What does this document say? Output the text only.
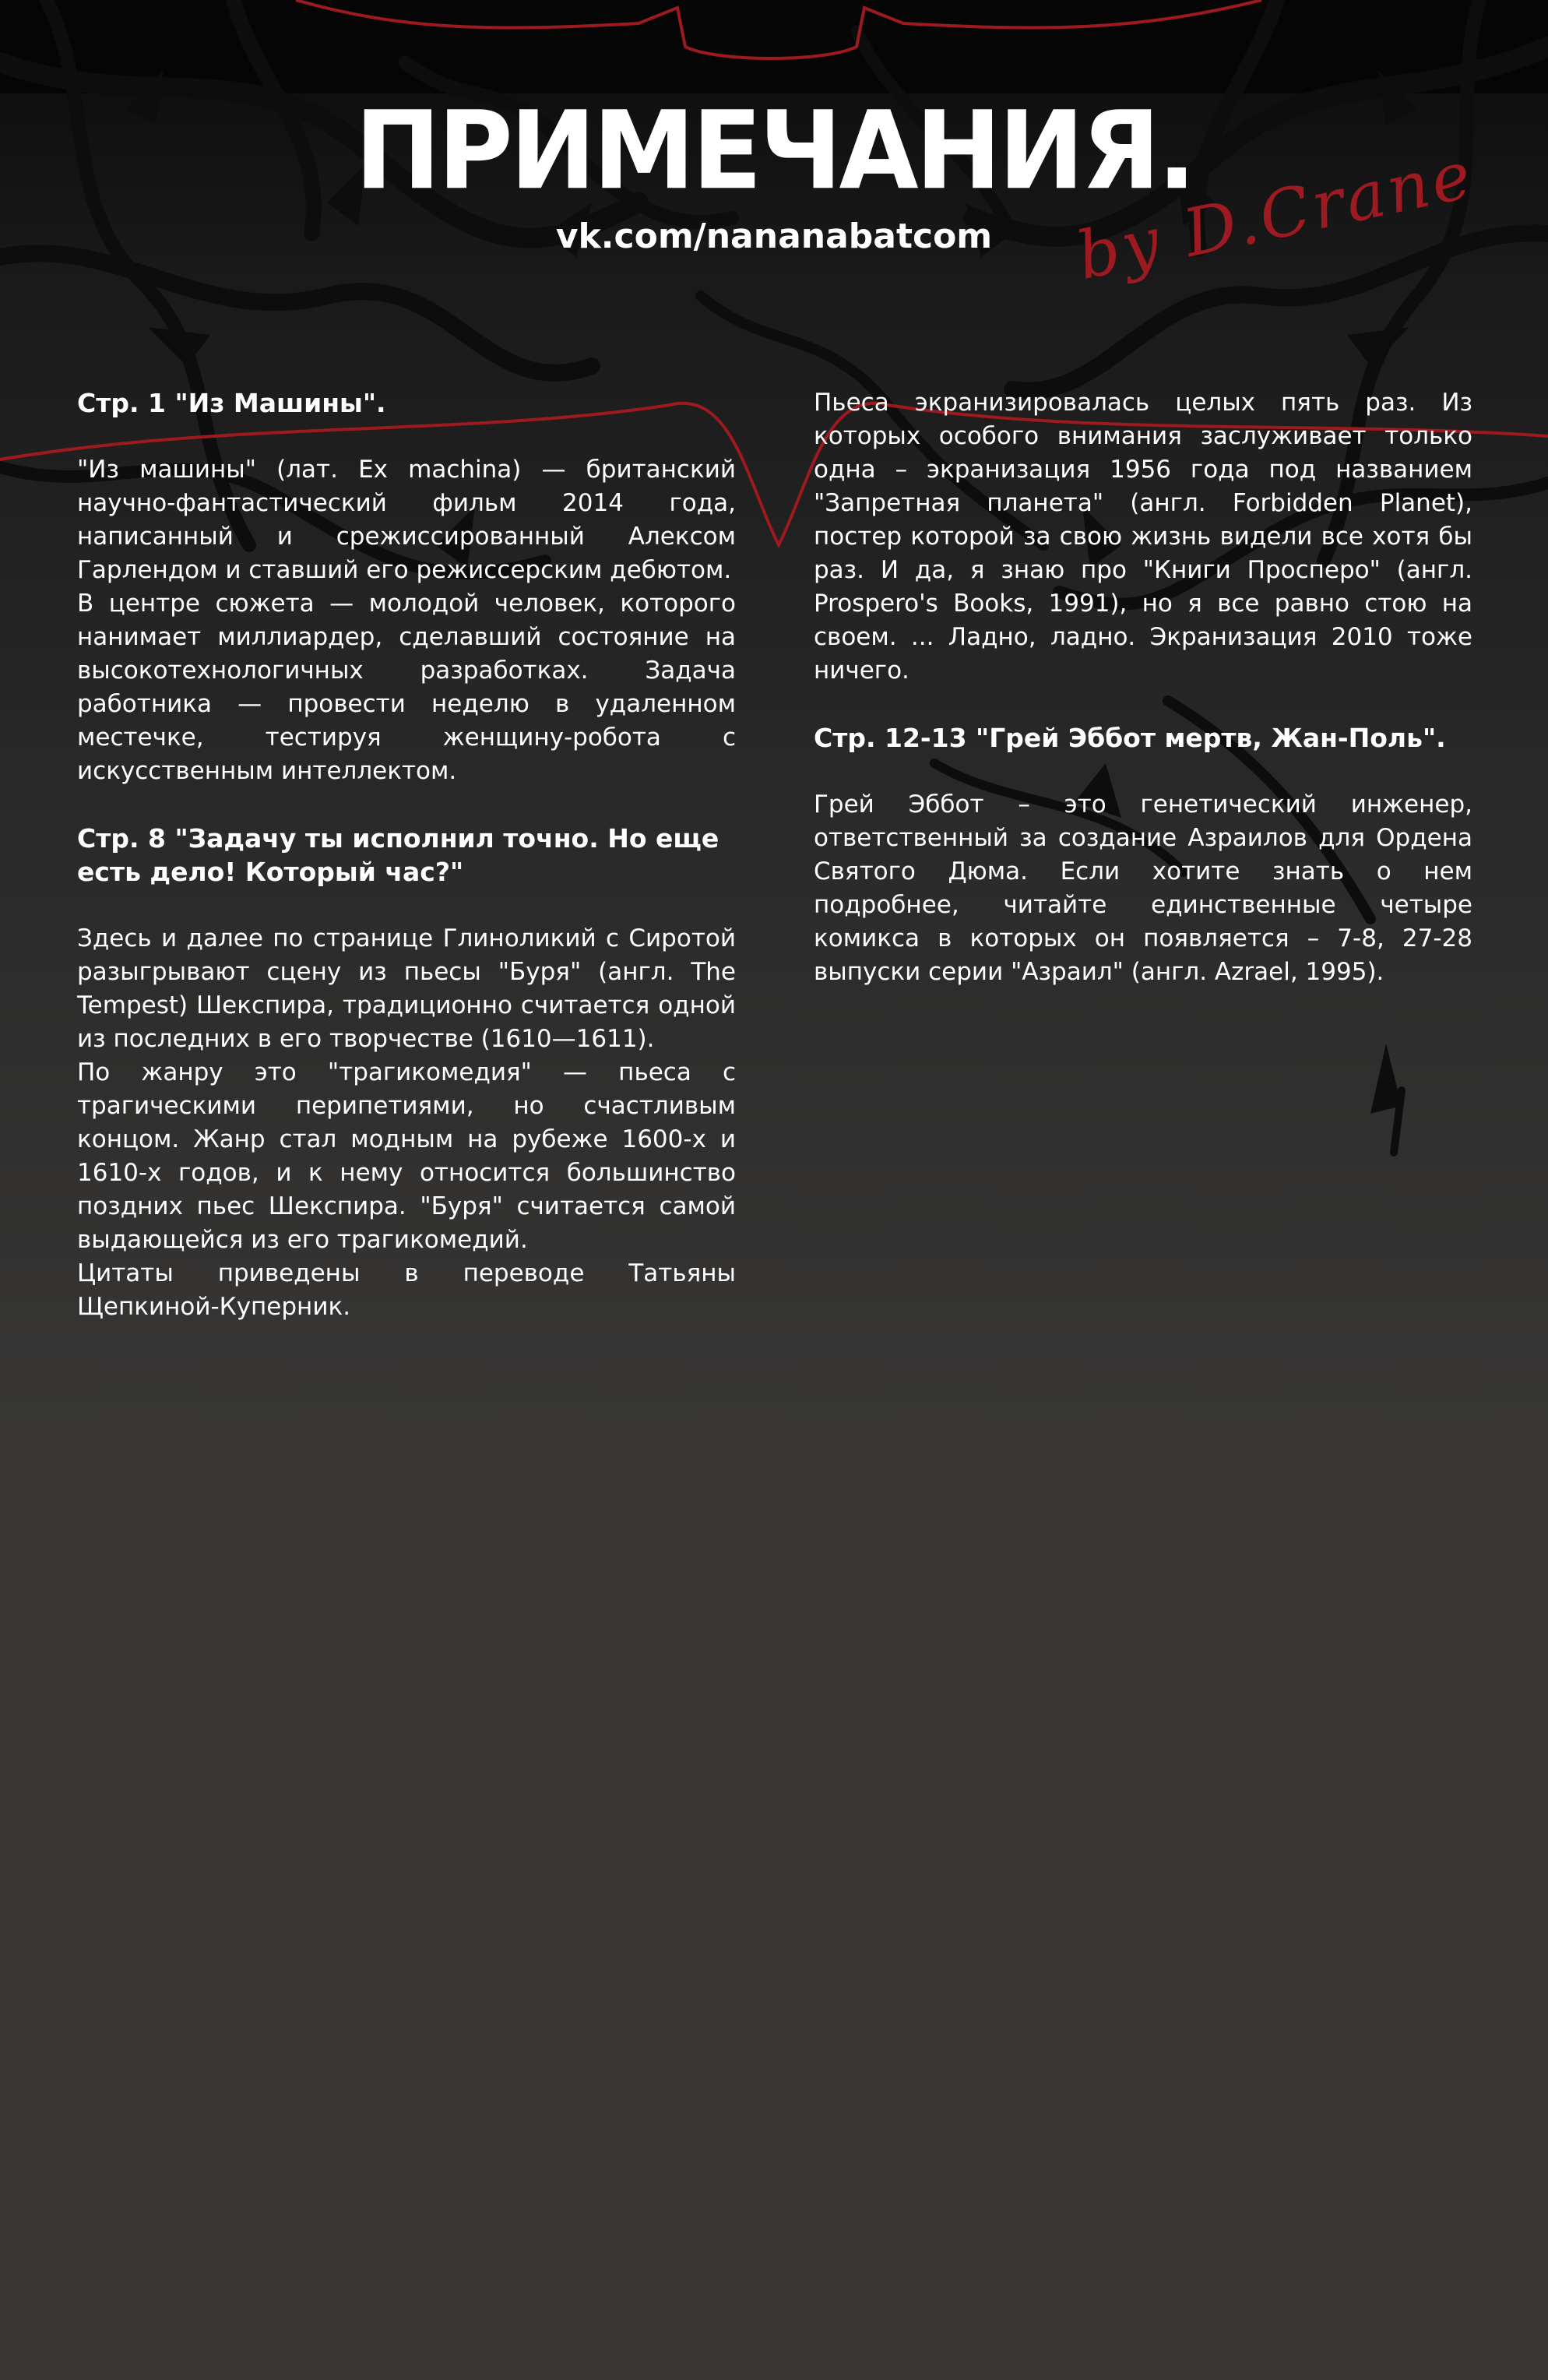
ПРИМЕЧАНИЯ.
vk.com/nananabatcom	by D.Crane
Стр. 1 "Из Машины".

"Из машины" (лат. Ex machina) — британский научно-фантастический фильм 2014 года, написанный и срежиссированный Алексом Гарлендом и ставший его режиссерским дебютом.

В центре сюжета — молодой человек, которого нанимает миллиардер, сделавший состояние на высокотехнологичных разработках. Задача работника — провести неделю в удаленном местечке, тестируя женщину-робота с искусственным интеллектом.

Стр. 8 "Задачу ты исполнил точно. Но еще есть дело! Который час?"

Здесь и далее по странице Глиноликий с Сиротой разыгрывают сцену из пьесы "Буря" (англ. The Tempest) Шекспира, традиционно считается одной из последних в его творчестве (1610—1611).

По жанру это "трагикомедия" — пьеса с трагическими перипетиями, но счастливым концом. Жанр стал модным на рубеже 1600-х и 1610-х годов, и к нему относится большинство поздних пьес Шекспира. "Буря" считается самой выдающейся из его трагикомедий.

Цитаты приведены в переводе Татьяны Щепкиной-Куперник.

Пьеса экранизировалась целых пять раз. Из которых особого внимания заслуживает только одна – экранизация 1956 года под названием "Запретная планета" (англ. Forbidden Planet), постер которой за свою жизнь видели все хотя бы раз. И да, я знаю про "Книги Просперо" (англ. Prospero's Books, 1991), но я все равно стою на своем. ... Ладно, ладно. Экранизация 2010 тоже ничего.

Стр. 12-13 "Грей Эббот мертв, Жан-Поль".

Грей Эббот – это генетический инженер, ответственный за создание Азраилов для Ордена Святого Дюма. Если хотите знать о нем подробнее, читайте единственные четыре комикса в которых он появляется – 7-8, 27-28 выпуски серии "Азраил" (англ. Azrael, 1995).
